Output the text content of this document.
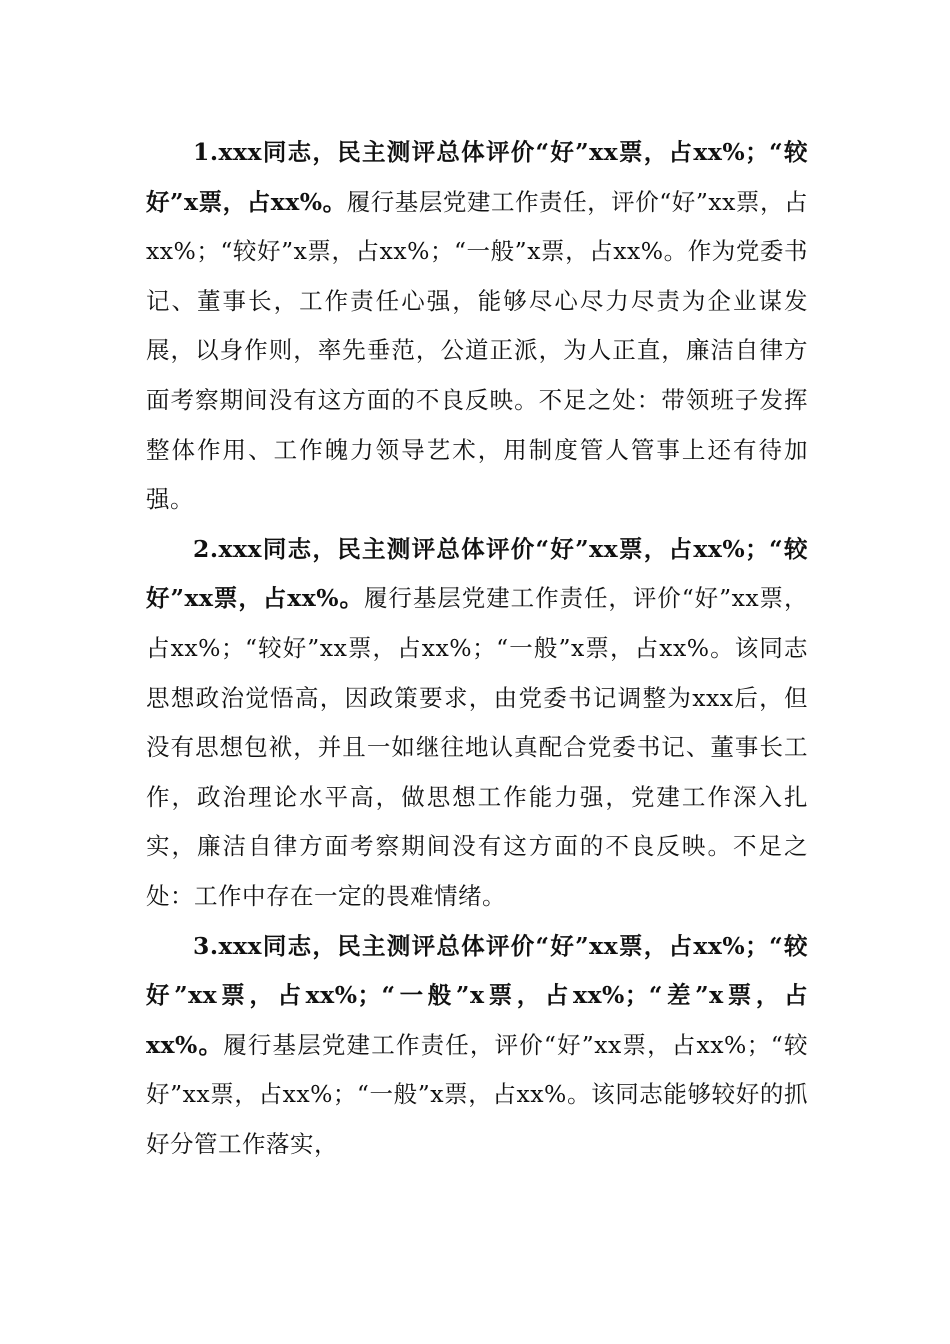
1.xxx同志，民主测评总体评价“好”xx票，占xx%；“较好”x票，占xx%。履行基层党建工作责任，评价“好”xx票，占xx%；“较好”x票，占xx%；“一般”x票，占xx%。作为党委书记、董事长，工作责任心强，能够尽心尽力尽责为企业谋发展，以身作则，率先垂范，公道正派，为人正直，廉洁自律方面考察期间没有这方面的不良反映。不足之处：带领班子发挥整体作用、工作魄力领导艺术，用制度管人管事上还有待加强。

2.xxx同志，民主测评总体评价“好”xx票，占xx%；“较好”xx票，占xx%。履行基层党建工作责任，评价“好”xx票，占xx%；“较好”xx票，占xx%；“一般”x票，占xx%。该同志思想政治觉悟高，因政策要求，由党委书记调整为xxx后，但没有思想包袱，并且一如继往地认真配合党委书记、董事长工作，政治理论水平高，做思想工作能力强，党建工作深入扎实，廉洁自律方面考察期间没有这方面的不良反映。不足之处：工作中存在一定的畏难情绪。

3.xxx同志，民主测评总体评价“好”xx票，占xx%；“较好”xx票，占xx%；“一般”x票，占xx%；“差”x票，占xx%。履行基层党建工作责任，评价“好”xx票，占xx%；“较好”xx票，占xx%；“一般”x票，占xx%。该同志能够较好的抓好分管工作落实，
